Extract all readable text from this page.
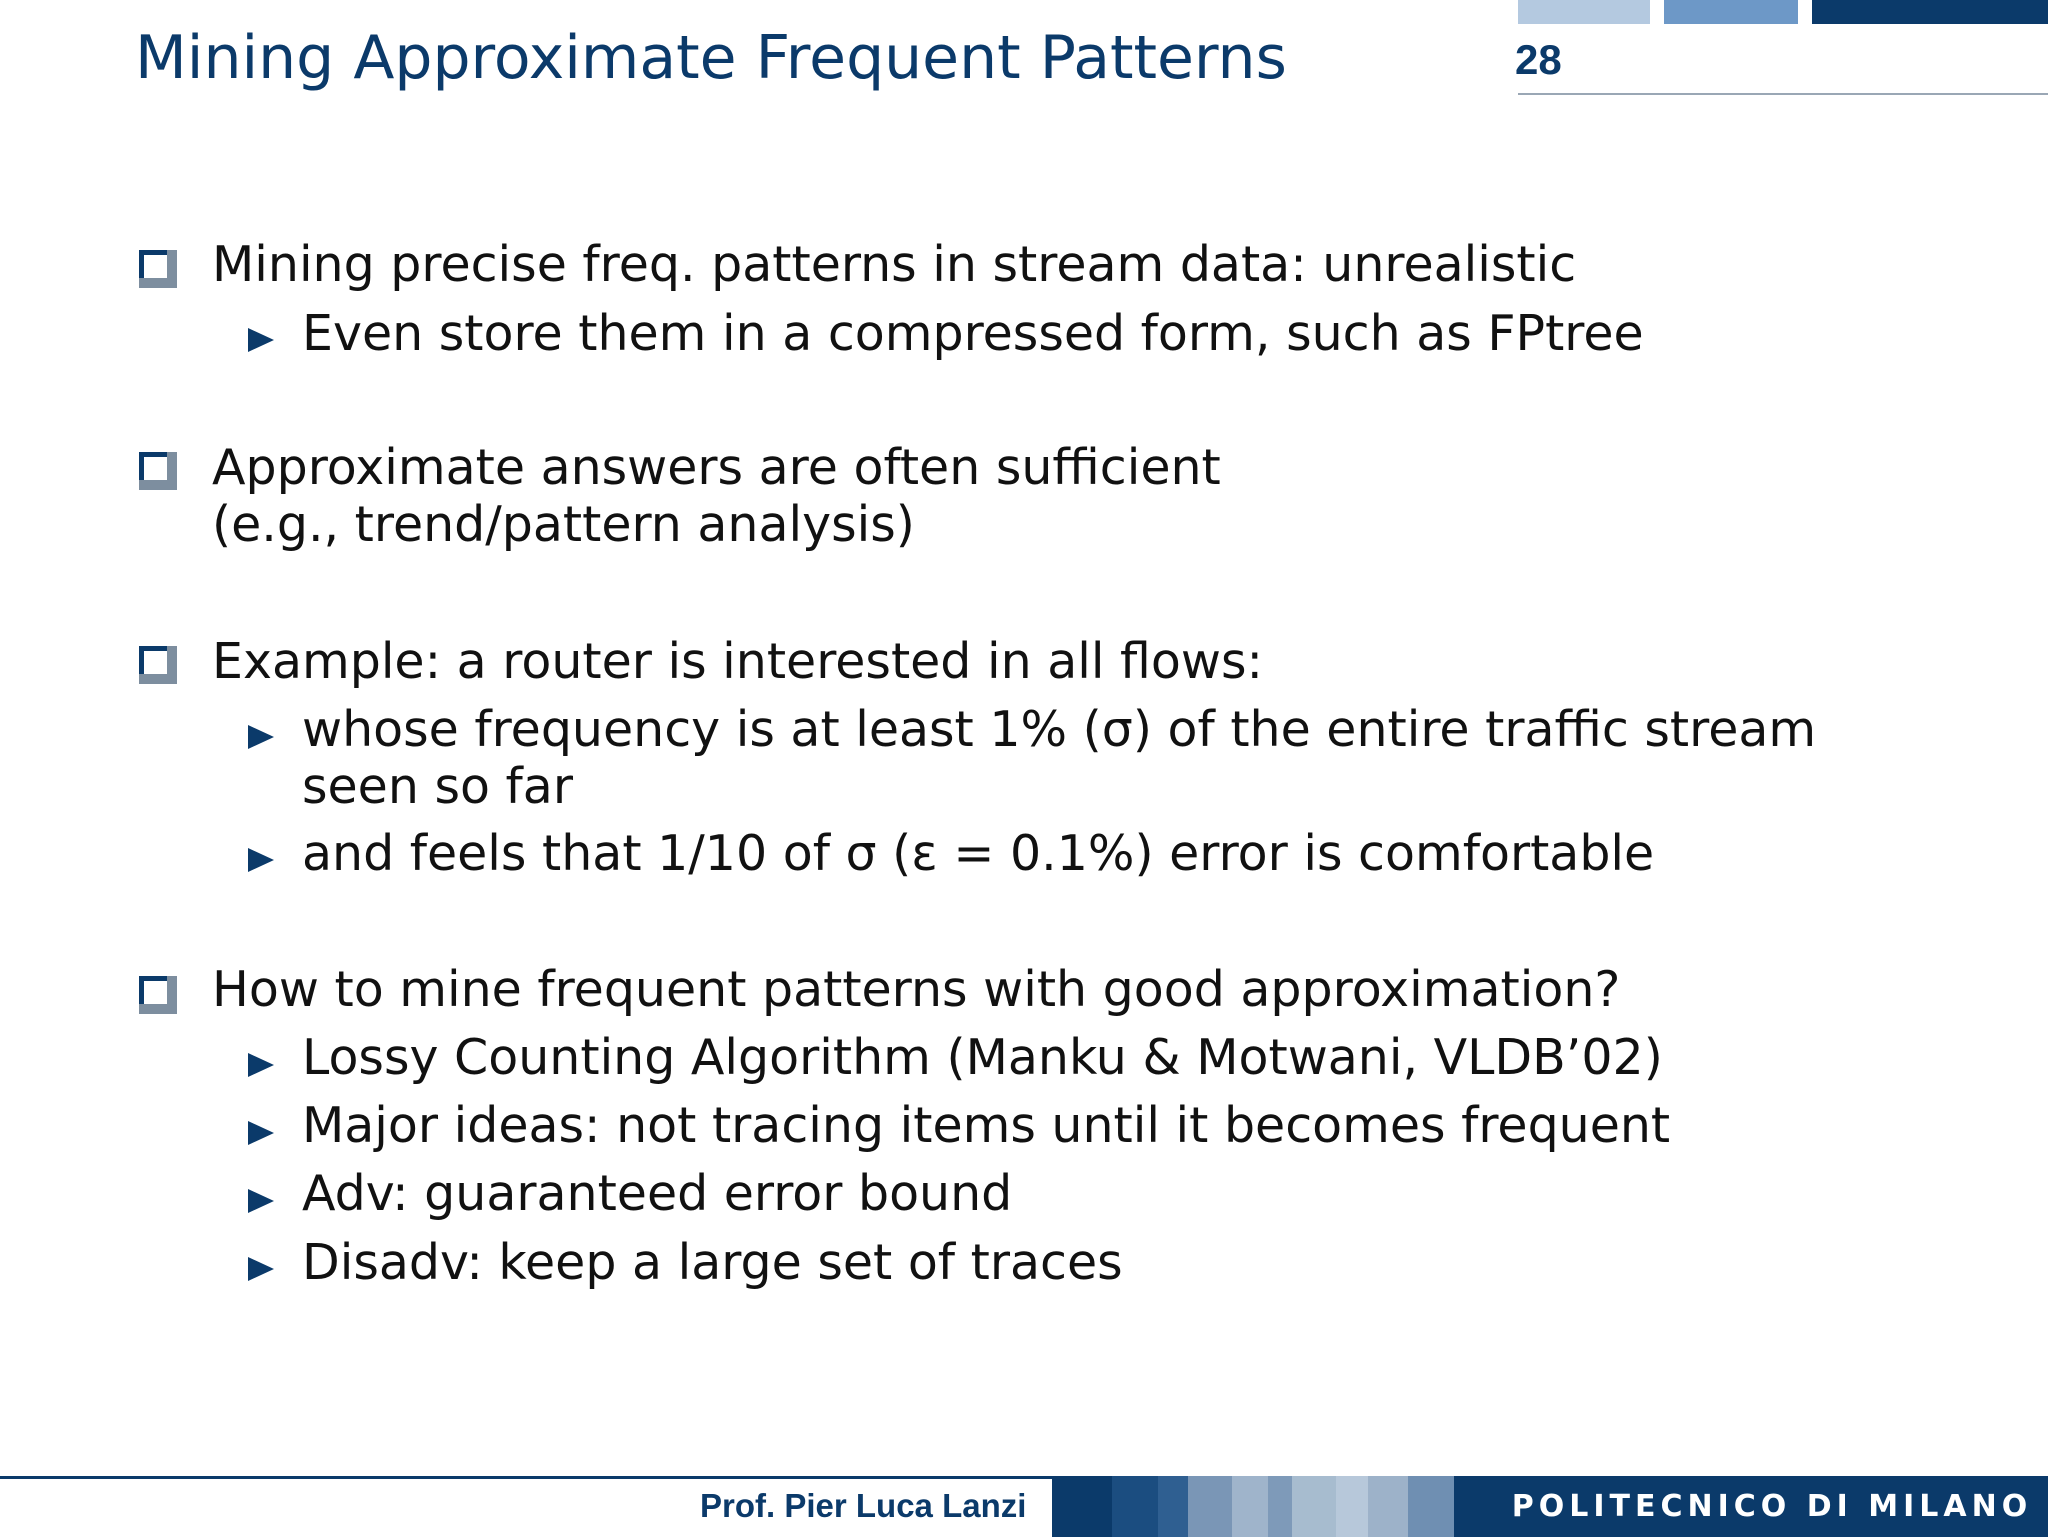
Mining Approximate Frequent Patterns	28
Mining precise freq. patterns in stream data: unrealistic
Even store them in a compressed form, such as FPtree
Approximate answers are often sufficient
(e.g., trend/pattern analysis)
Example: a router is interested in all flows:
whose frequency is at least 1% (σ) of the entire traffic stream
seen so far
and feels that 1/10 of σ (ε = 0.1%) error is comfortable
How to mine frequent patterns with good approximation?
Lossy Counting Algorithm (Manku & Motwani, VLDB’02)
Major ideas: not tracing items until it becomes frequent
Adv: guaranteed error bound
Disadv: keep a large set of traces
Prof. Pier Luca Lanzi	POLITECNICO DI MILANO
